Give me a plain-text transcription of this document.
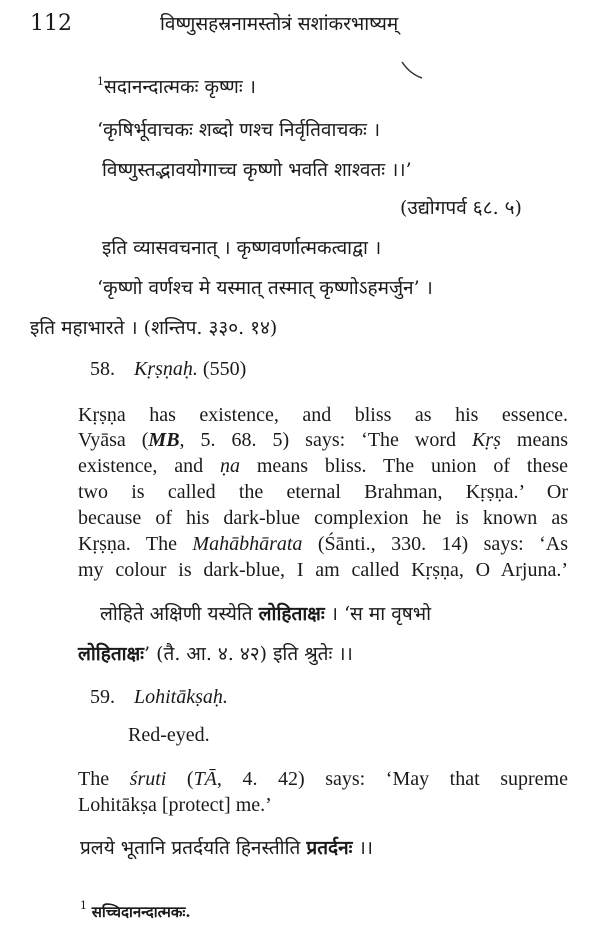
112	विष्णुसहस्रनामस्तोत्रं सशांकरभाष्यम्
$^1$सदानन्दात्मकः कृष्णः ।
‘कृषिर्भूवाचकः शब्दो णश्च निर्वृतिवाचकः ।
विष्णुस्तद्भावयोगाच्च कृष्णो भवति शाश्वतः ।।’
(उद्योगपर्व ६८. ५)
इति व्यासवचनात् । कृष्णवर्णात्मकत्वाद्वा ।
‘कृष्णो वर्णश्च मे यस्मात् तस्मात् कृष्णोऽहमर्जुन’ ।
इति महाभारते । (शन्तिप. ३३०. १४)
58. Kṛṣṇaḥ. (550)
Kṛṣṇa has existence, and bliss as his essence.
Vyāsa (MB, 5. 68. 5) says: ‘The word Kṛṣ means
existence, and ṇa means bliss. The union of these
two is called the eternal Brahman, Kṛṣṇa.’ Or
because of his dark-blue complexion he is known as
Kṛṣṇa. The Mahābhārata (Śānti., 330. 14) says: ‘As
my colour is dark-blue, I am called Kṛṣṇa, O Arjuna.’
लोहिते अक्षिणी यस्येति लोहिताक्षः । ‘स मा वृषभो
लोहिताक्षः’ (तै. आ. ४. ४२) इति श्रुतेः ।।
59. Lohitākṣaḥ.
Red-eyed.
The śruti (TĀ, 4. 42) says: ‘May that supreme
Lohitākṣa [protect] me.’
प्रलये भूतानि प्रतर्दयति हिनस्तीति प्रतर्दनः ।।
$^1$ सच्चिदानन्दात्मकः.
